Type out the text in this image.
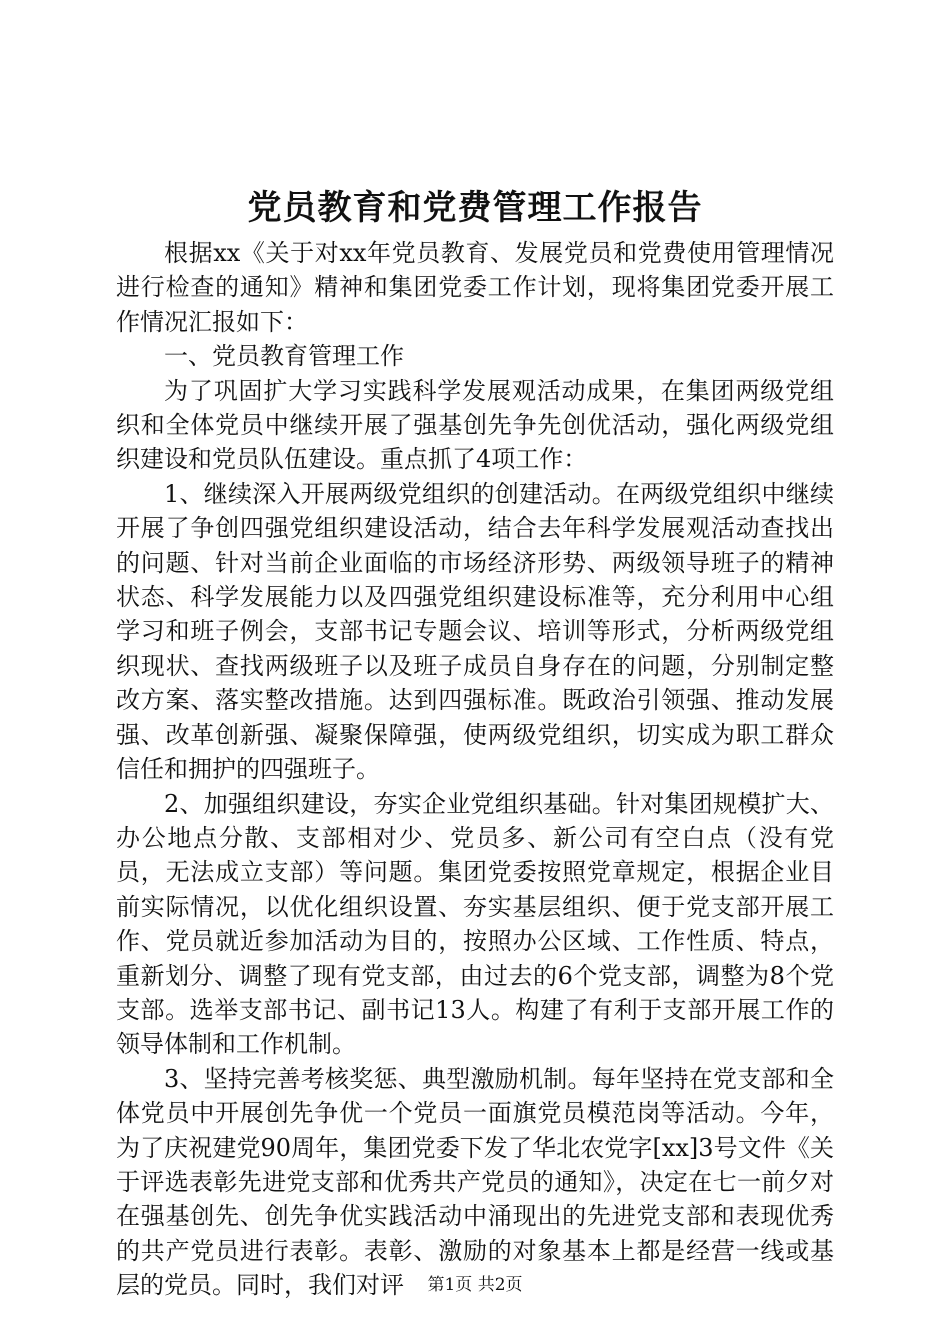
党员教育和党费管理工作报告

根据xx《关于对xx年党员教育、发展党员和党费使用管理情况进行检查的通知》精神和集团党委工作计划，现将集团党委开展工作情况汇报如下：

一、党员教育管理工作

为了巩固扩大学习实践科学发展观活动成果，在集团两级党组织和全体党员中继续开展了强基创先争先创优活动，强化两级党组织建设和党员队伍建设。重点抓了4项工作：

1、继续深入开展两级党组织的创建活动。在两级党组织中继续开展了争创四强党组织建设活动，结合去年科学发展观活动查找出的问题、针对当前企业面临的市场经济形势、两级领导班子的精神状态、科学发展能力以及四强党组织建设标准等，充分利用中心组学习和班子例会，支部书记专题会议、培训等形式，分析两级党组织现状、查找两级班子以及班子成员自身存在的问题，分别制定整改方案、落实整改措施。达到四强标准。既政治引领强、推动发展强、改革创新强、凝聚保障强，使两级党组织，切实成为职工群众信任和拥护的四强班子。

2、加强组织建设，夯实企业党组织基础。针对集团规模扩大、办公地点分散、支部相对少、党员多、新公司有空白点（没有党员，无法成立支部）等问题。集团党委按照党章规定，根据企业目前实际情况，以优化组织设置、夯实基层组织、便于党支部开展工作、党员就近参加活动为目的，按照办公区域、工作性质、特点，重新划分、调整了现有党支部，由过去的6个党支部，调整为8个党支部。选举支部书记、副书记13人。构建了有利于支部开展工作的领导体制和工作机制。

3、坚持完善考核奖惩、典型激励机制。每年坚持在党支部和全体党员中开展创先争优一个党员一面旗党员模范岗等活动。今年，为了庆祝建党90周年，集团党委下发了华北农党字[xx]3号文件《关于评选表彰先进党支部和优秀共产党员的通知》，决定在七一前夕对在强基创先、创先争优实践活动中涌现出的先进党支部和表现优秀的共产党员进行表彰。表彰、激励的对象基本上都是经营一线或基层的党员。同时，我们对评	第1页 共2页
